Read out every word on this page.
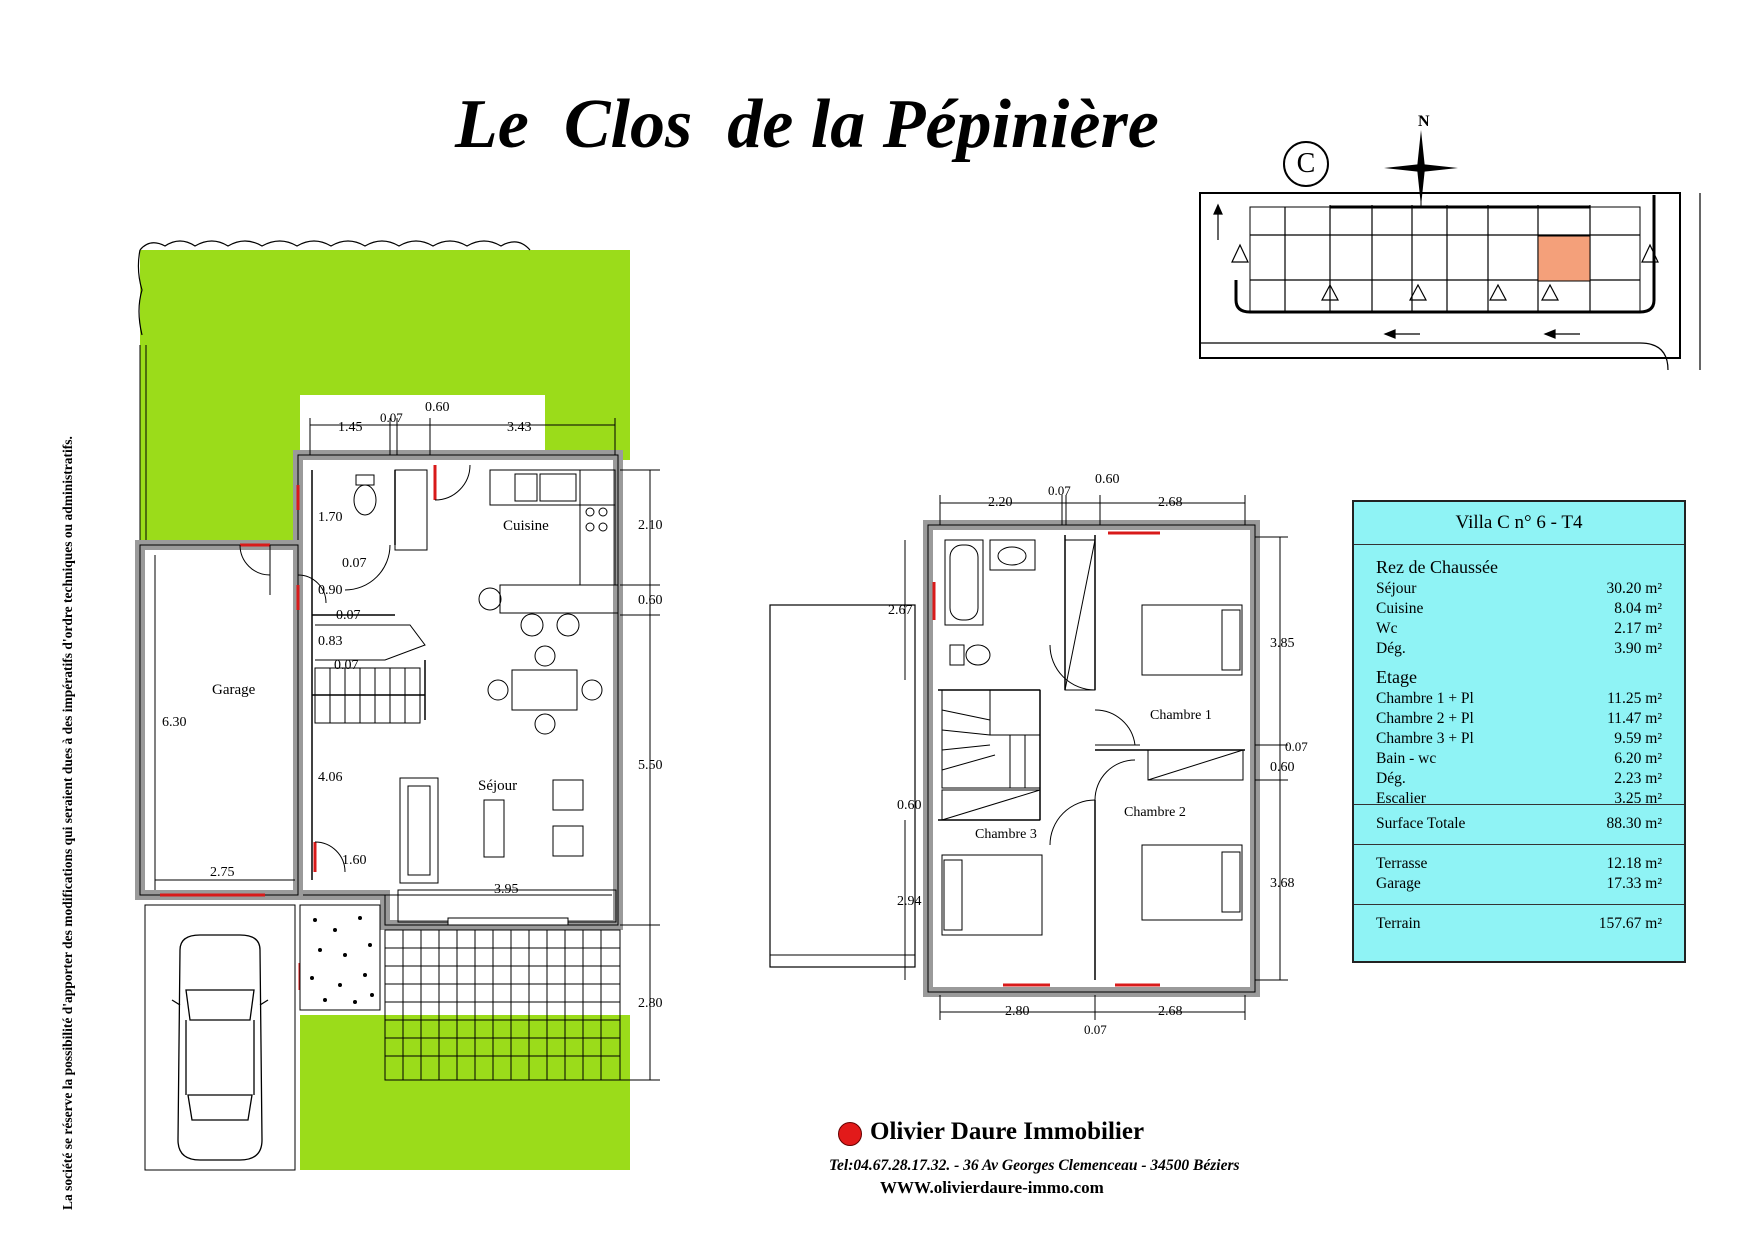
Le  Clos  de la Pépinière
La société se réserve la possibilité d'apporter des modifications qui seraient dues à des impératifs d'ordre techniques ou administratifs.
C
N
Cuisine
Séjour
Garage
1.45
0.07
0.60
3.43
1.70
0.07
0.90
0.07
0.83
0.07
4.06
1.60
3.95
6.30
2.75
2.10
0.60
5.50
2.80
Chambre 1
Chambre 2
Chambre 3
2.20
0.07
0.60
2.68
2.67
3.85
0.07
0.60
0.60
2.94
3.68
2.80
0.07
2.68
Villa C n° 6 - T4
Rez de Chaussée
Séjour	30.20 m²
Cuisine	8.04 m²
Wc	2.17 m²
Dég.	3.90 m²
Etage
Chambre 1 + Pl	11.25 m²
Chambre 2 + Pl	11.47 m²
Chambre 3 + Pl	9.59 m²
Bain - wc	6.20 m²
Dég.	2.23 m²
Escalier	3.25 m²
Surface Totale	88.30 m²
Terrasse	12.18 m²
Garage	17.33 m²
Terrain	157.67 m²
Olivier Daure Immobilier
Tel:04.67.28.17.32. - 36 Av Georges Clemenceau - 34500 Béziers
WWW.olivierdaure-immo.com
